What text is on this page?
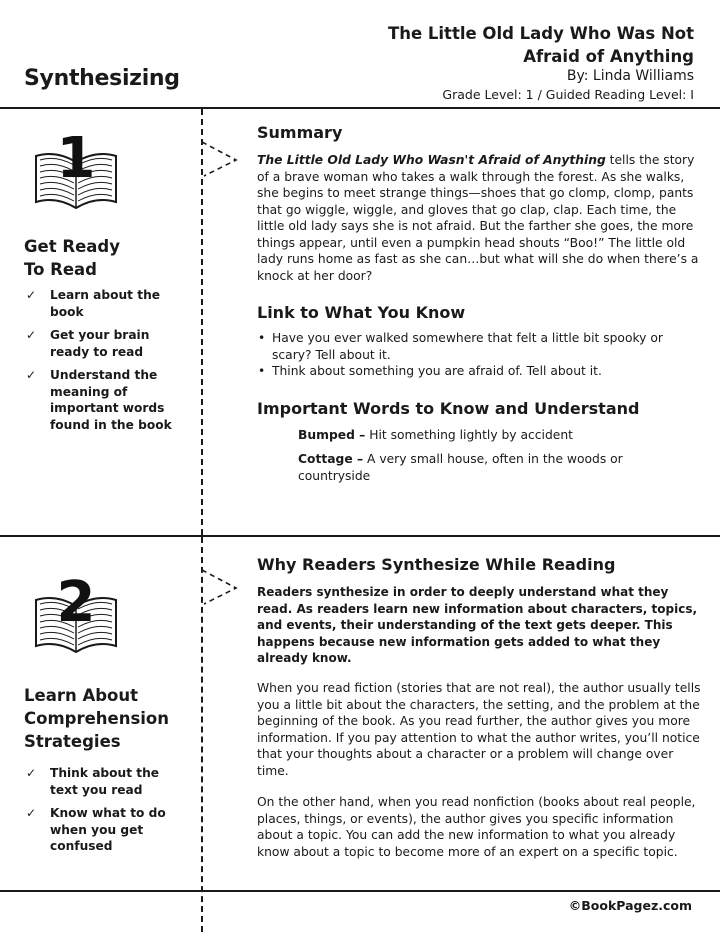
Synthesizing
The Little Old Lady Who Was Not Afraid of Anything
By: Linda Williams
Grade Level: 1 / Guided Reading Level: I
1
Get Ready To Read
✓ Learn about the book
✓ Get your brain ready to read
✓ Understand the meaning of important words found in the book
Summary
The Little Old Lady Who Wasn't Afraid of Anything tells the story of a brave woman who takes a walk through the forest. As she walks, she begins to meet strange things—shoes that go clomp, clomp, pants that go wiggle, wiggle, and gloves that go clap, clap. Each time, the little old lady says she is not afraid. But the farther she goes, the more things appear, until even a pumpkin head shouts “Boo!” The little old lady runs home as fast as she can…but what will she do when there’s a knock at her door?
Link to What You Know
• Have you ever walked somewhere that felt a little bit spooky or scary? Tell about it.
• Think about something you are afraid of. Tell about it.
Important Words to Know and Understand
Bumped – Hit something lightly by accident
Cottage – A very small house, often in the woods or countryside
2
Learn About Comprehension Strategies
✓ Think about the text you read
✓ Know what to do when you get confused
Why Readers Synthesize While Reading
Readers synthesize in order to deeply understand what they read. As readers learn new information about characters, topics, and events, their understanding of the text gets deeper. This happens because new information gets added to what they already know.
When you read fiction (stories that are not real), the author usually tells you a little bit about the characters, the setting, and the problem at the beginning of the book. As you read further, the author gives you more information. If you pay attention to what the author writes, you’ll notice that your thoughts about a character or a problem will change over time.
On the other hand, when you read nonfiction (books about real people, places, things, or events), the author gives you specific information about a topic. You can add the new information to what you already know about a topic to become more of an expert on a specific topic.
©BookPagez.com
